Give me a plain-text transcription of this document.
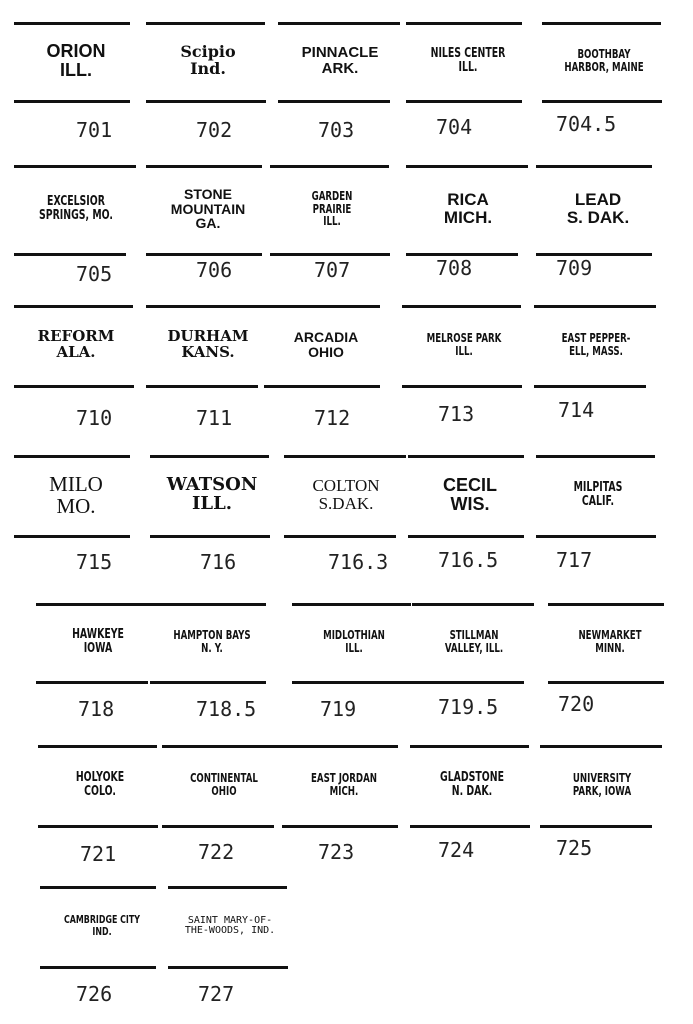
ORION
ILL.
701
Scipio
Ind.
702
PINNACLE
ARK.
703
NILES CENTER
ILL.
704
BOOTHBAY
HARBOR, MAINE
704.5
EXCELSIOR
SPRINGS, MO.
705
STONE
MOUNTAIN
GA.
706
GARDEN
PRAIRIE
ILL.
707
RICA
MICH.
708
LEAD
S. DAK.
709
REFORM
ALA.
710
DURHAM
KANS.
711
ARCADIA
OHIO
712
MELROSE PARK
ILL.
713
EAST PEPPER-
ELL, MASS.
714
MILO
MO.
715
WATSON
ILL.
716
COLTON
S.DAK.
716.3
CECIL
WIS.
716.5
MILPITAS
CALIF.
717
HAWKEYE
IOWA
718
HAMPTON BAYS
N. Y.
718.5
MIDLOTHIAN
ILL.
719
STILLMAN
VALLEY, ILL.
719.5
NEWMARKET
MINN.
720
HOLYOKE
COLO.
721
CONTINENTAL
OHIO
722
EAST JORDAN
MICH.
723
GLADSTONE
N. DAK.
724
UNIVERSITY
PARK, IOWA
725
CAMBRIDGE CITY
IND.
726
SAINT MARY-OF-
THE-WOODS, IND.
727
